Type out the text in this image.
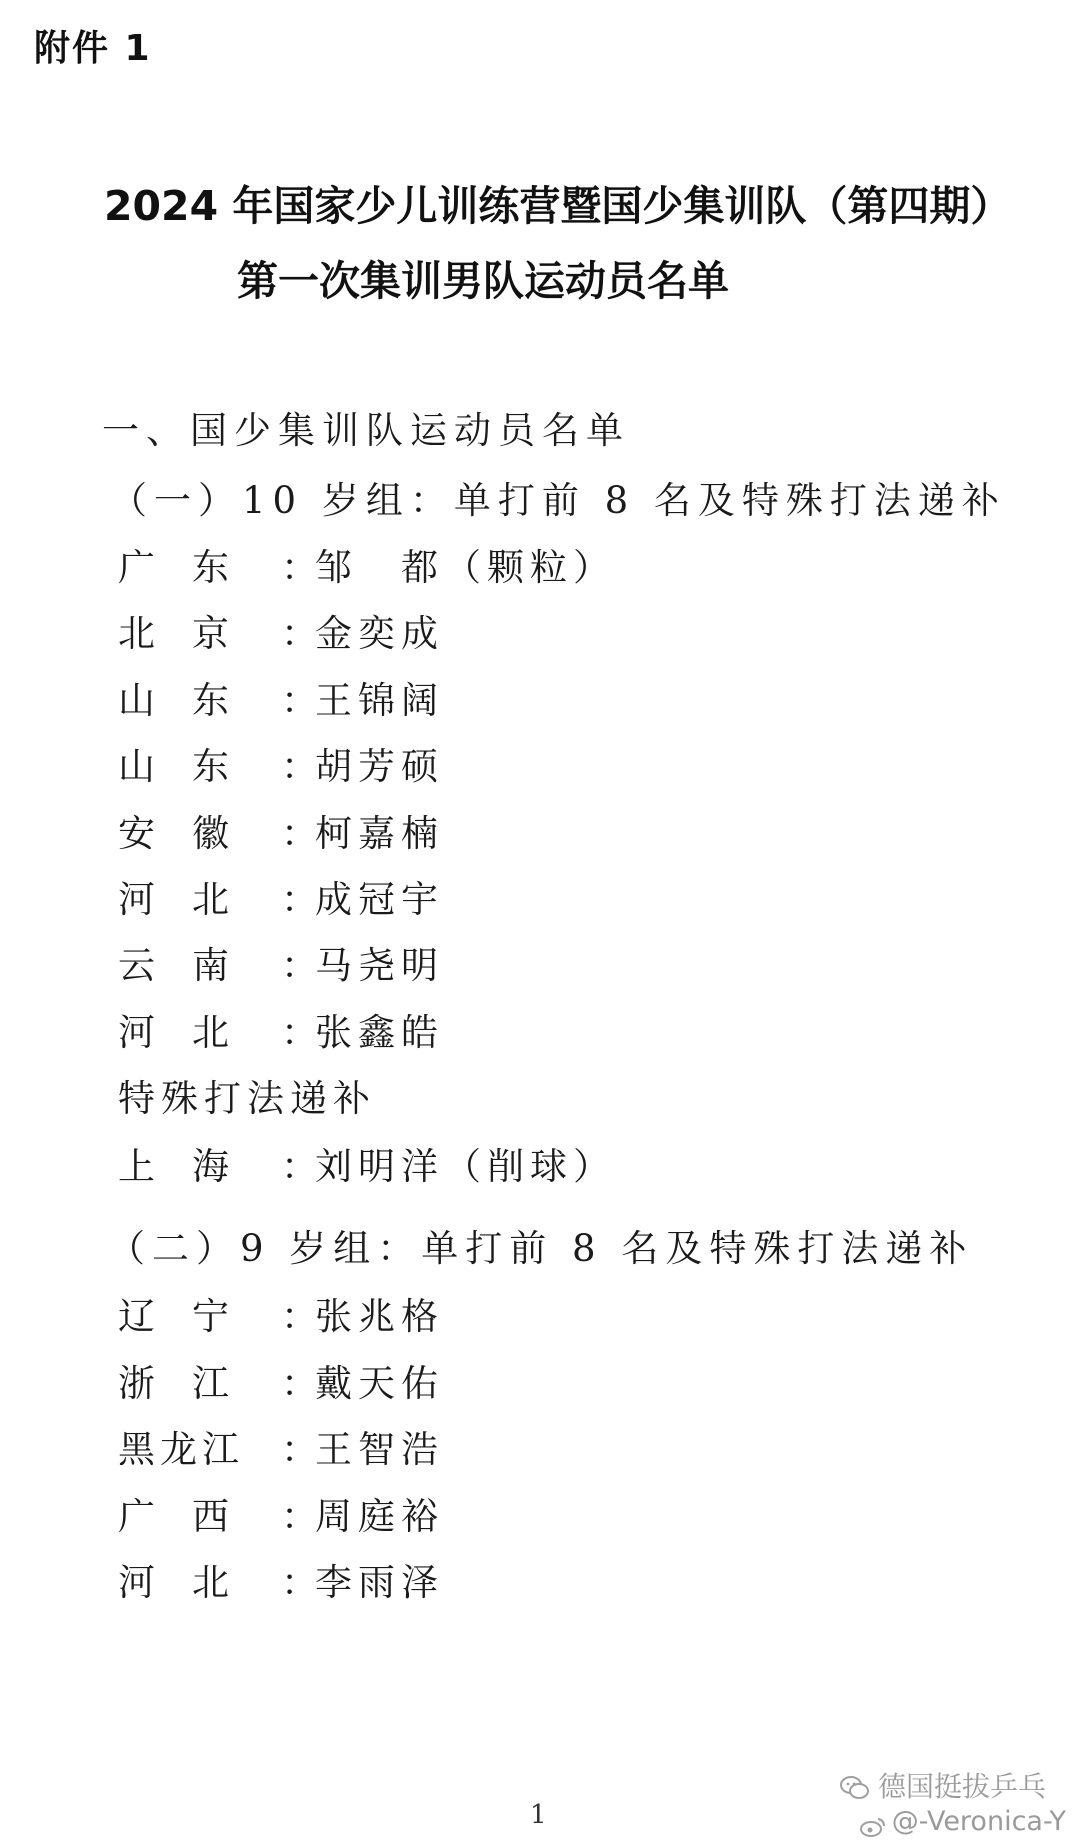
附件 1
2024 年国家少儿训练营暨国少集训队（第四期）
第一次集训男队运动员名单
一、国少集训队运动员名单
（一）10 岁组：单打前 8 名及特殊打法递补
广东 ：
邹　都（颗粒）
北京 ：
金奕成
山东 ：
王锦阔
山东 ：
胡芳硕
安徽 ：
柯嘉楠
河北 ：
成冠宇
云南 ：
马尧明
河北 ：
张鑫皓
特殊打法递补
上海 ：
刘明洋（削球）
（二）9 岁组：单打前 8 名及特殊打法递补
辽宁 ：
张兆格
浙江 ：
戴天佑
黑龙江	：
王智浩
广西 ：
周庭裕
河北 ：
李雨泽
1
德国挺拔乒乓
@-Veronica-Y
